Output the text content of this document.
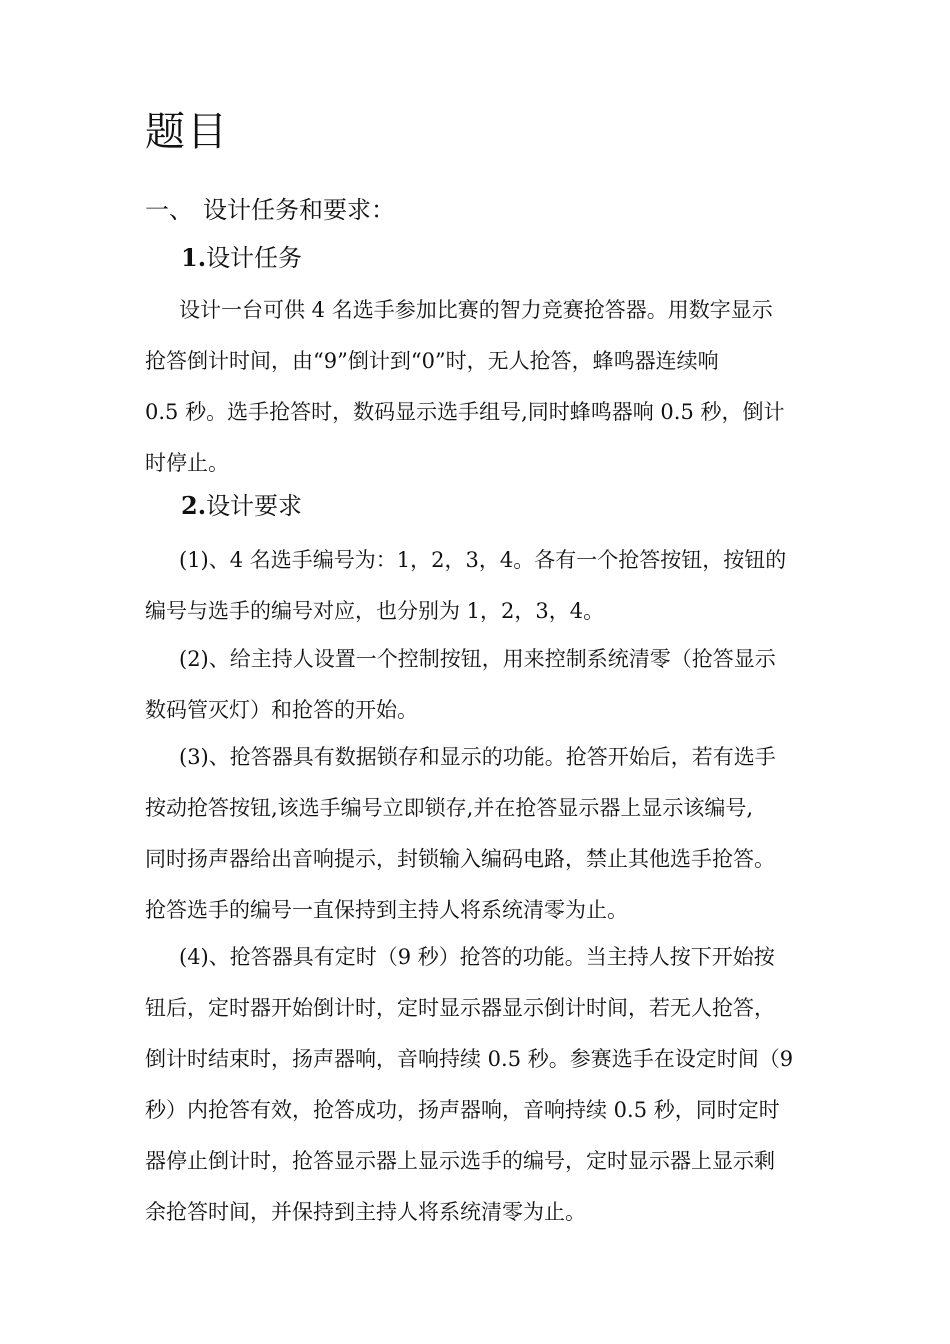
题目
一、 设计任务和要求：
1.设计任务

设计一台可供 4 名选手参加比赛的智力竞赛抢答器。用数字显示
抢答倒计时间，由“9”倒计到“0”时，无人抢答，蜂鸣器连续响
0.5 秒。选手抢答时，数码显示选手组号,同时蜂鸣器响 0.5 秒，倒计
时停止。

2.设计要求

(1)、4 名选手编号为：1，2，3，4。各有一个抢答按钮，按钮的
编号与选手的编号对应，也分别为 1，2，3，4。

(2)、给主持人设置一个控制按钮，用来控制系统清零（抢答显示
数码管灭灯）和抢答的开始。

(3)、抢答器具有数据锁存和显示的功能。抢答开始后，若有选手
按动抢答按钮,该选手编号立即锁存,并在抢答显示器上显示该编号,
同时扬声器给出音响提示，封锁输入编码电路，禁止其他选手抢答。
抢答选手的编号一直保持到主持人将系统清零为止。

(4)、抢答器具有定时（9 秒）抢答的功能。当主持人按下开始按
钮后，定时器开始倒计时，定时显示器显示倒计时间，若无人抢答，
倒计时结束时，扬声器响，音响持续 0.5 秒。参赛选手在设定时间（9
秒）内抢答有效，抢答成功，扬声器响，音响持续 0.5 秒，同时定时
器停止倒计时，抢答显示器上显示选手的编号，定时显示器上显示剩
余抢答时间，并保持到主持人将系统清零为止。
